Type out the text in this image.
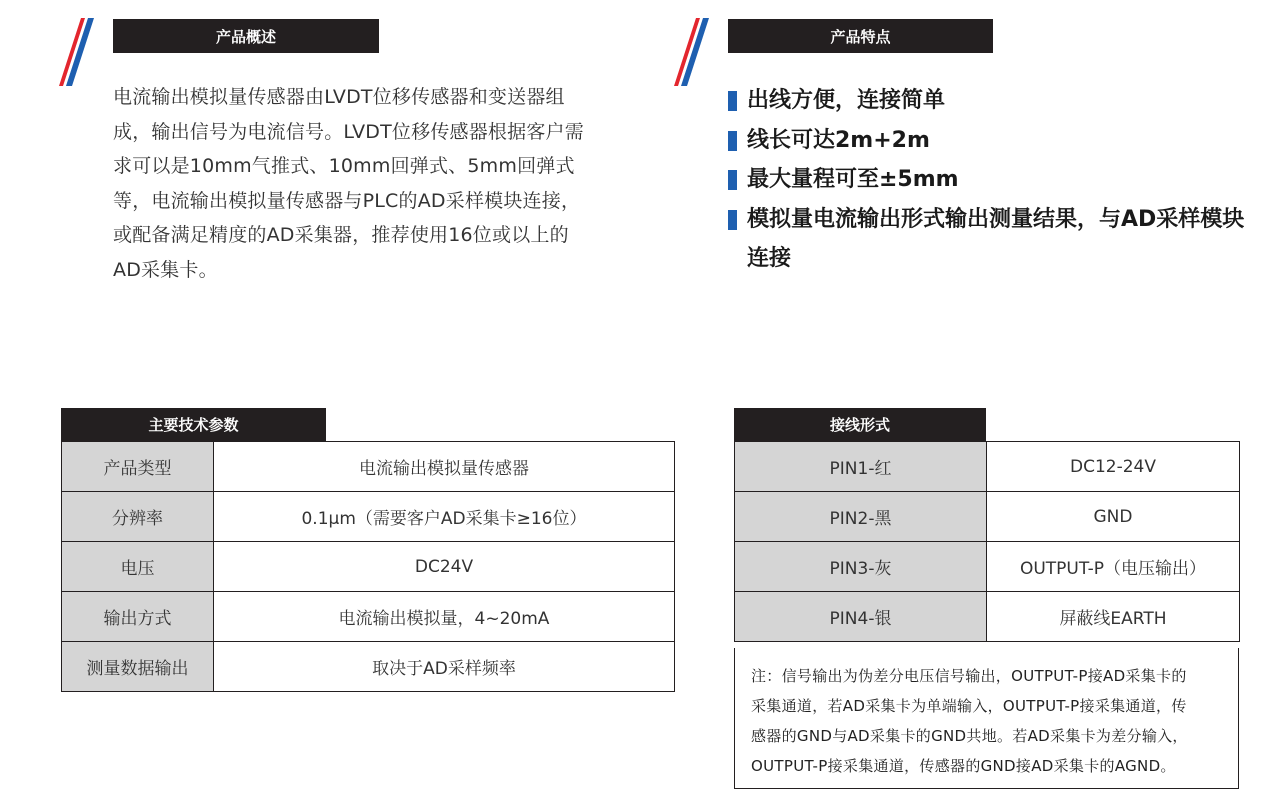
产品概述
电流输出模拟量传感器由LVDT位移传感器和变送器组
成，输出信号为电流信号。LVDT位移传感器根据客户需
求可以是10mm气推式、10mm回弹式、5mm回弹式
等，电流输出模拟量传感器与PLC的AD采样模块连接，
或配备满足精度的AD采集器，推荐使用16位或以上的
AD采集卡。
产品特点
出线方便，连接简单
线长可达2m+2m
最大量程可至±5mm
模拟量电流输出形式输出测量结果，与AD采样模块连接
主要技术参数
产品类型	电流输出模拟量传感器
分辨率	0.1μm（需要客户AD采集卡≥16位）
电压	DC24V
输出方式	电流输出模拟量，4~20mA
测量数据输出	取决于AD采样频率
接线形式
PIN1-红	DC12-24V
PIN2-黑	GND
PIN3-灰	OUTPUT-P（电压输出）
PIN4-银	屏蔽线EARTH
注：信号输出为伪差分电压信号输出，OUTPUT-P接AD采集卡的
采集通道，若AD采集卡为单端输入，OUTPUT-P接采集通道，传
感器的GND与AD采集卡的GND共地。若AD采集卡为差分输入，
OUTPUT-P接采集通道，传感器的GND接AD采集卡的AGND。
